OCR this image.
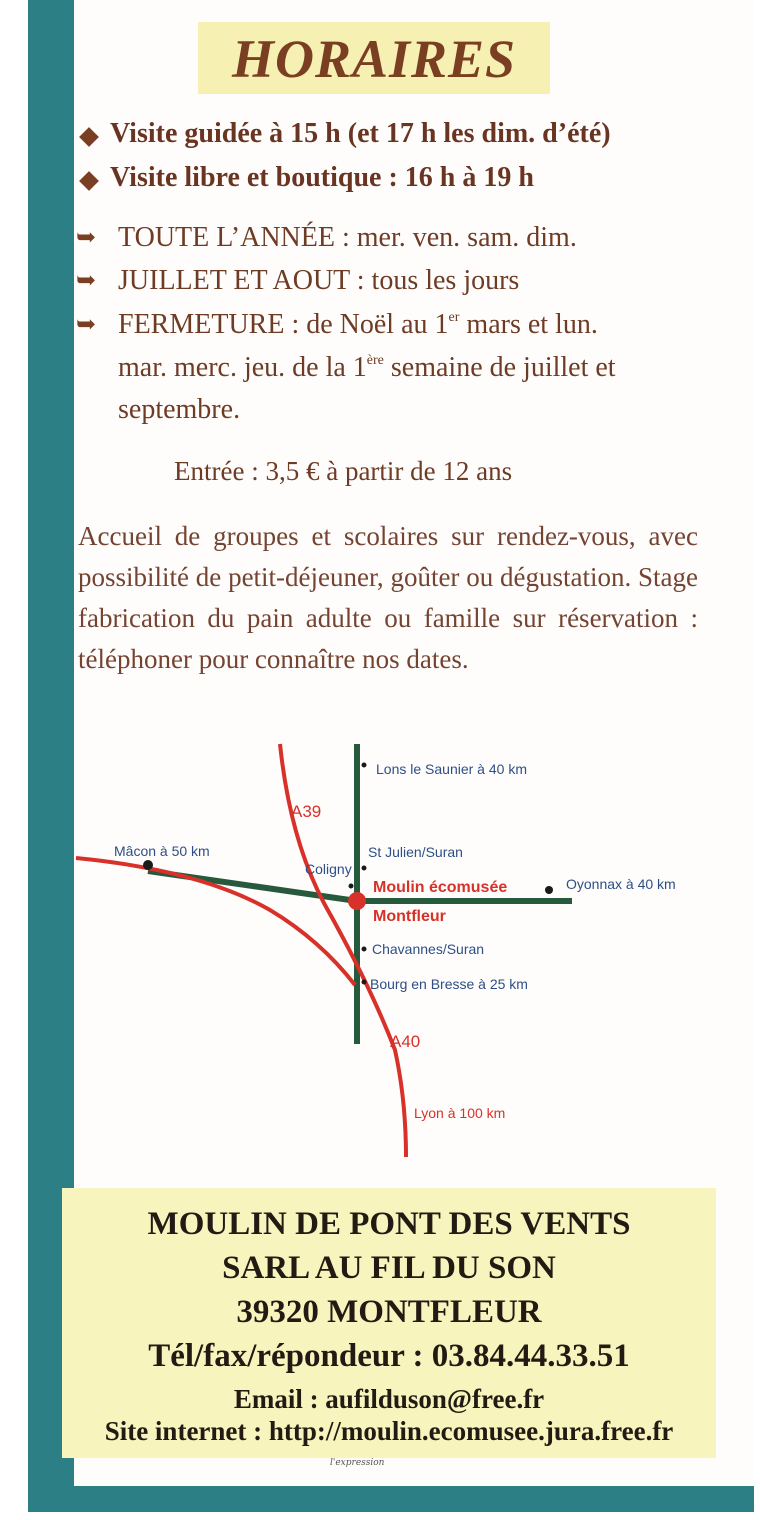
HORAIRES
Visite guidée à 15 h (et 17 h les dim. d’été)
Visite libre et boutique : 16 h à 19 h
➥ TOUTE L’ANNÉE : mer. ven. sam. dim.
➥ JUILLET ET AOUT : tous les jours
➥ FERMETURE : de Noël au 1er mars et lun.
mar. merc. jeu. de la 1ère semaine de juillet et
septembre.
Entrée : 3,5 € à partir de 12 ans
Accueil de groupes et scolaires sur rendez-vous, avec possibilité de petit-déjeuner, goûter ou dégustation. Stage fabrication du pain adulte ou famille sur réservation : téléphoner pour connaître nos dates.
Lons le Saunier à 40 km
A39
Mâcon à 50 km
Coligny
St Julien/Suran
Moulin écomusée
Montfleur
Oyonnax à 40 km
Chavannes/Suran
Bourg en Bresse à 25 km
A40
Lyon à 100 km
MOULIN DE PONT DES VENTS
SARL AU FIL DU SON
39320 MONTFLEUR
Tél/fax/répondeur : 03.84.44.33.51
Email : aufilduson@free.fr
Site internet : http://moulin.ecomusee.jura.free.fr
l'expression
